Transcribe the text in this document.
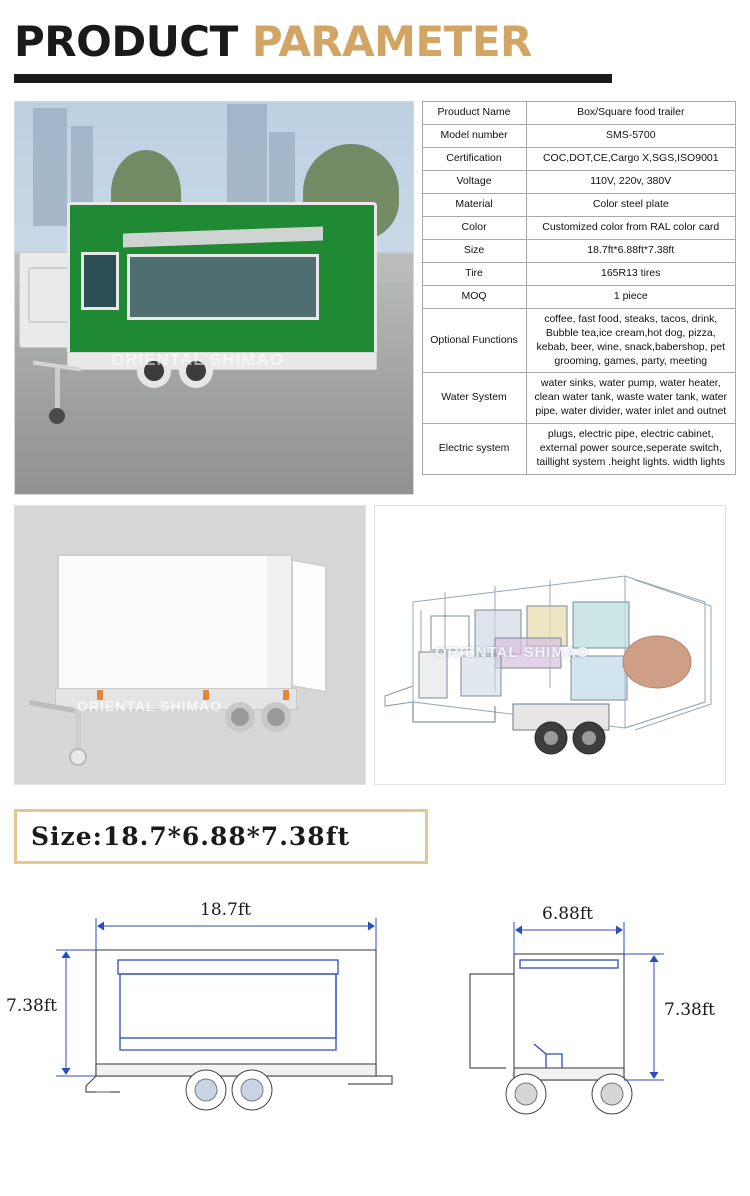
PRODUCT PARAMETER
ORIENTAL SHIMAO
Prouduct Name	Box/Square food trailer
Model number	SMS-5700
Certification	COC,DOT,CE,Cargo X,SGS,ISO9001
Voltage	110V, 220v, 380V
Material	Color steel plate
Color	Customized color from RAL color card
Size	18.7ft*6.88ft*7.38ft
Tire	165R13 tires
MOQ	1 piece
Optional Functions	coffee, fast food, steaks, tacos, drink, Bubble tea,ice cream,hot dog, pizza, kebab, beer, wine, snack,babershop, pet grooming, games, party, meeting
Water System	water sinks, water pump, water heater, clean water tank, waste water tank, water pipe, water divider, water inlet and outnet
Electric system	plugs, electric pipe, electric cabinet, external power source,seperate switch, taillight system .height lights. width lights
ORIENTAL SHIMAO
ORIENTAL SHIMAO
Size:18.7*6.88*7.38ft
18.7ft
7.38ft
6.88ft
7.38ft
